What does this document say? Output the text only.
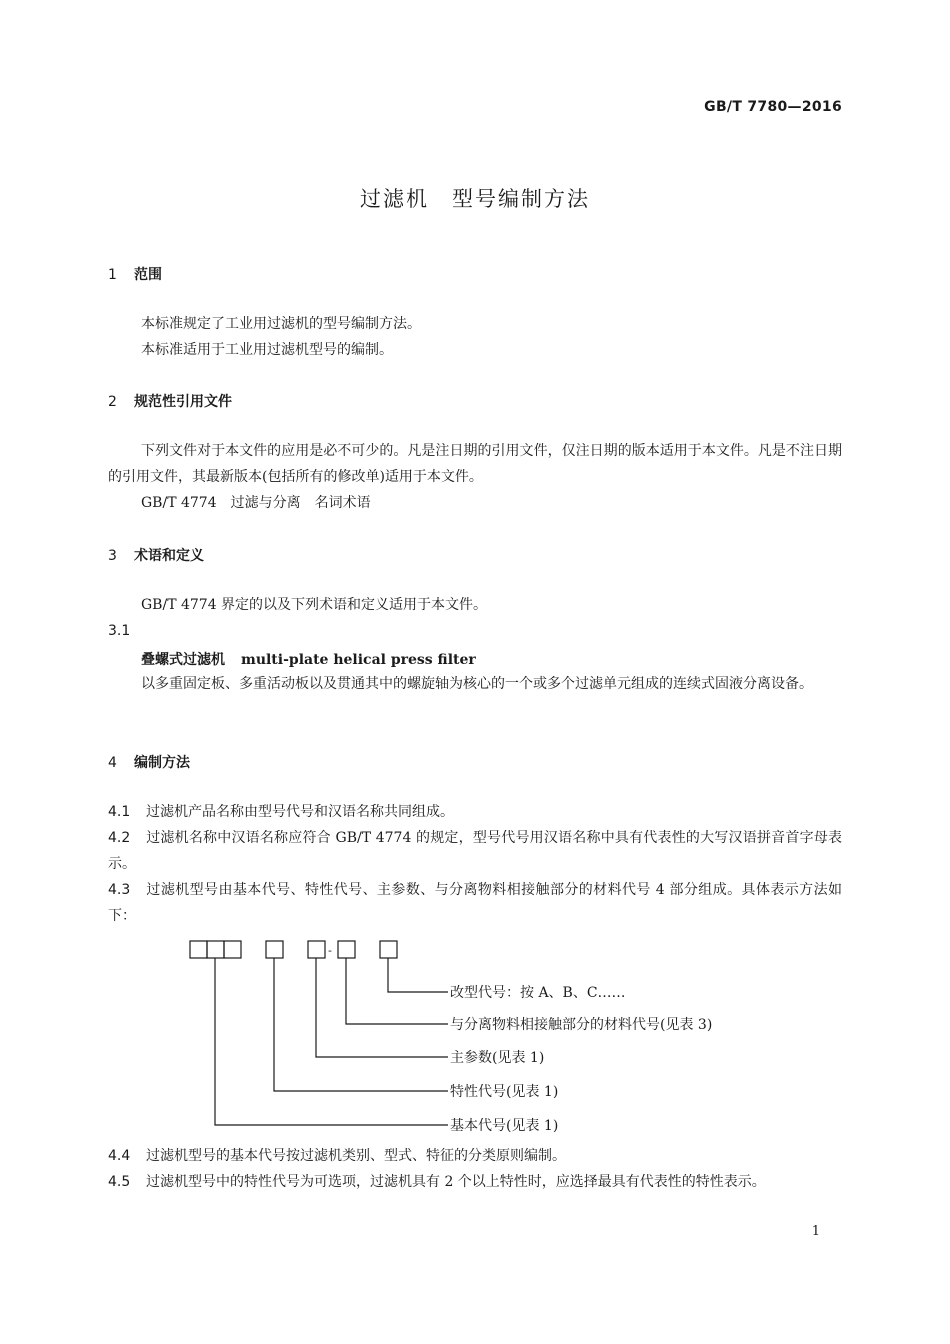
GB/T 7780—2016
过滤机　型号编制方法
1 范围
本标准规定了工业用过滤机的型号编制方法。
本标准适用于工业用过滤机型号的编制。
2 规范性引用文件
下列文件对于本文件的应用是必不可少的。凡是注日期的引用文件，仅注日期的版本适用于本文件。凡是不注日期的引用文件，其最新版本(包括所有的修改单)适用于本文件。
GB/T 4774　过滤与分离　名词术语
3 术语和定义
GB/T 4774 界定的以及下列术语和定义适用于本文件。
3.1
叠螺式过滤机 multi-plate helical press filter
以多重固定板、多重活动板以及贯通其中的螺旋轴为核心的一个或多个过滤单元组成的连续式固液分离设备。
4 编制方法
4.1 过滤机产品名称由型号代号和汉语名称共同组成。
4.2 过滤机名称中汉语名称应符合 GB/T 4774 的规定，型号代号用汉语名称中具有代表性的大写汉语拼音首字母表示。
4.3 过滤机型号由基本代号、特性代号、主参数、与分离物料相接触部分的材料代号 4 部分组成。具体表示方法如下：
-
改型代号：按 A、B、C……
与分离物料相接触部分的材料代号(见表 3)
主参数(见表 1)
特性代号(见表 1)
基本代号(见表 1)
4.4 过滤机型号的基本代号按过滤机类别、型式、特征的分类原则编制。
4.5 过滤机型号中的特性代号为可选项，过滤机具有 2 个以上特性时，应选择最具有代表性的特性表示。
1
